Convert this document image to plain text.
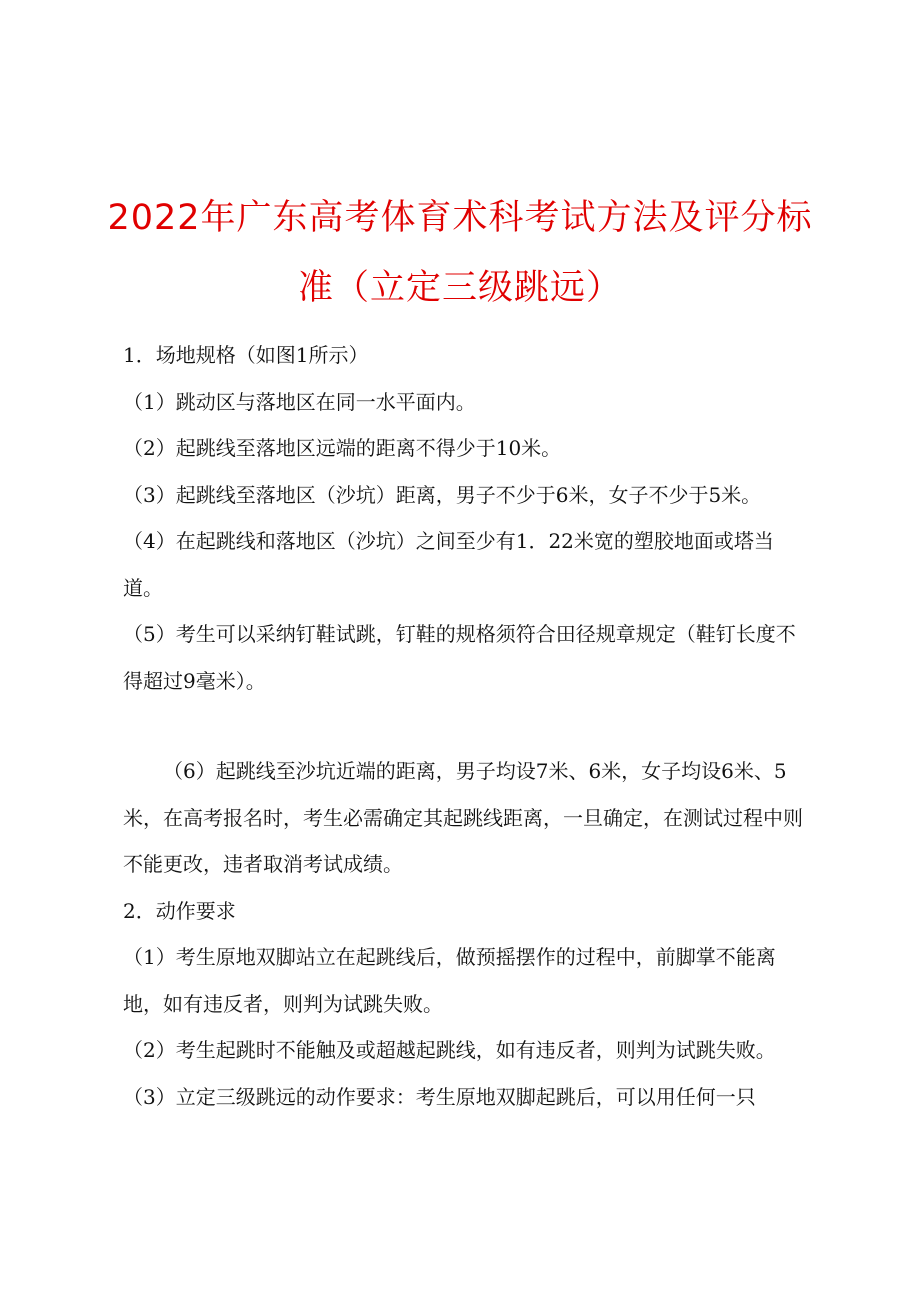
2022年广东高考体育术科考试方法及评分标
准（立定三级跳远）

1．场地规格（如图1所示）

（1）跳动区与落地区在同一水平面内。

（2）起跳线至落地区远端的距离不得少于10米。

（3）起跳线至落地区（沙坑）距离，男子不少于6米，女子不少于5米。

（4）在起跳线和落地区（沙坑）之间至少有1．22米宽的塑胶地面或塔当道。

（5）考生可以采纳钉鞋试跳，钉鞋的规格须符合田径规章规定（鞋钉长度不得超过9毫米）。

（6）起跳线至沙坑近端的距离，男子均设7米、6米，女子均设6米、5米，在高考报名时，考生必需确定其起跳线距离，一旦确定，在测试过程中则不能更改，违者取消考试成绩。

2．动作要求

（1）考生原地双脚站立在起跳线后，做预摇摆作的过程中，前脚掌不能离地，如有违反者，则判为试跳失败。

（2）考生起跳时不能触及或超越起跳线，如有违反者，则判为试跳失败。

（3）立定三级跳远的动作要求：考生原地双脚起跳后，可以用任何一只
